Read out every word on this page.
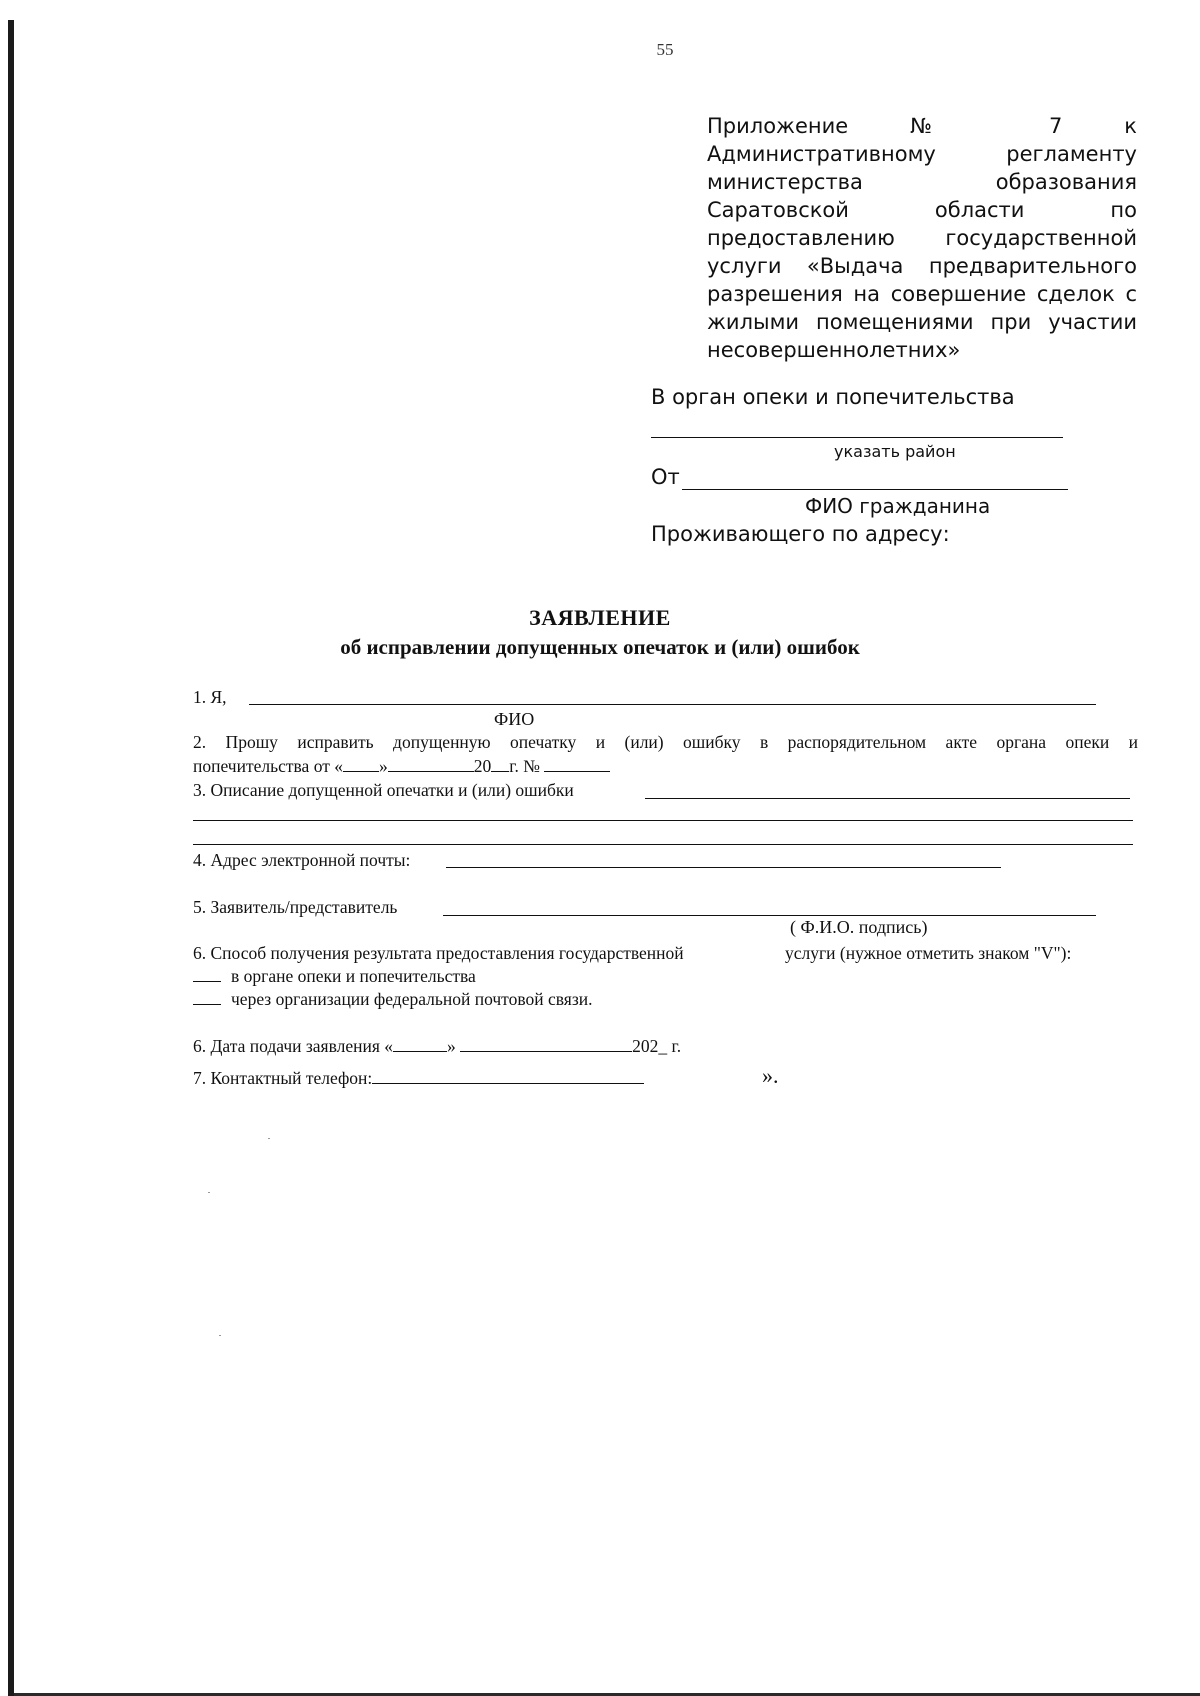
55
Приложение № 7 к Административному регламенту министерства образования Саратовской области по предоставлению государственной услуги «Выдача предварительного разрешения на совершение сделок с жилыми помещениями при участии несовершеннолетних»
В орган опеки и попечительства
указать район
От
ФИО гражданина
Проживающего по адресу:
ЗАЯВЛЕНИЕ
об исправлении допущенных опечаток и (или) ошибок
1. Я,
ФИО
2. Прошу исправить допущенную опечатку и (или) ошибку в распорядительном акте органа опеки и
попечительства от « »	20 г. №
3. Описание допущенной опечатки и (или) ошибки
4. Адрес электронной почты:
5. Заявитель/представитель
( Ф.И.О. подпись)
6. Способ получения результата предоставления государственной	услуги (нужное отметить знаком "V"):
в органе опеки и попечительства
через организации федеральной почтовой связи.
6. Дата подачи заявления «	»	202_ г.
7. Контактный телефон:	».
